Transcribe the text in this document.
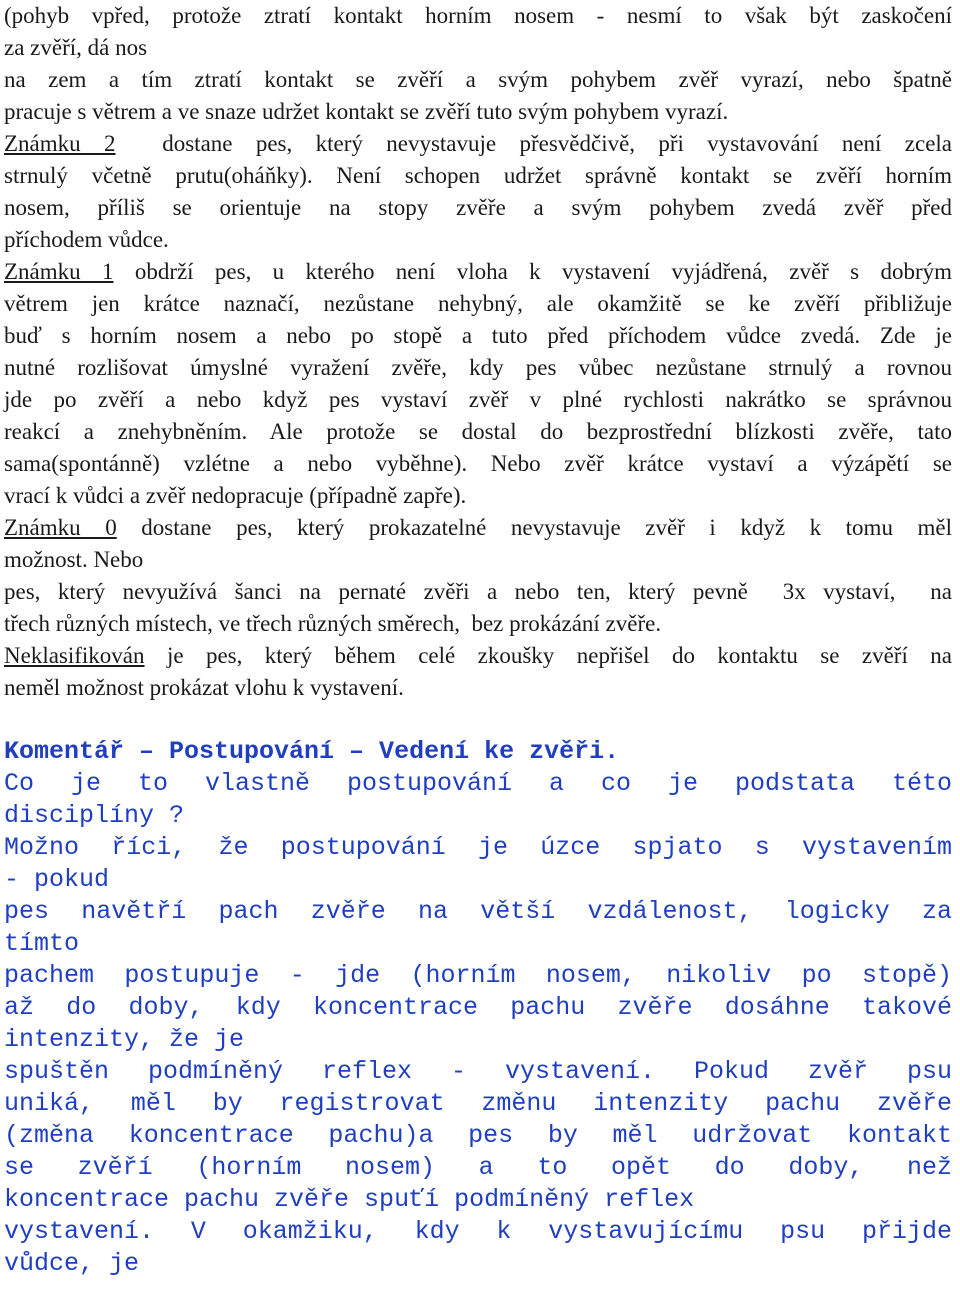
(pohyb vpřed, protože ztratí kontakt horním nosem - nesmí to však být zaskočení
za zvěří, dá nos
na zem a tím ztratí kontakt se zvěří a svým pohybem zvěř vyrazí, nebo špatně
pracuje s větrem a ve snaze udržet kontakt se zvěří tuto svým pohybem vyrazí.
Známku 2  dostane pes, který nevystavuje přesvědčivě, při vystavování není zcela
strnulý včetně prutu(oháňky). Není schopen udržet správně kontakt se zvěří horním
nosem, příliš se orientuje na stopy zvěře a svým pohybem zvedá zvěř před
příchodem vůdce.
Známku 1 obdrží pes, u kterého není vloha k vystavení vyjádřená, zvěř s dobrým
větrem jen krátce naznačí, nezůstane nehybný, ale okamžitě se ke zvěří přibližuje
buď s horním nosem a nebo po stopě a tuto před příchodem vůdce zvedá. Zde je
nutné rozlišovat úmyslné vyražení zvěře, kdy pes vůbec nezůstane strnulý a rovnou
jde po zvěří a nebo když pes vystaví zvěř v plné rychlosti nakrátko se správnou
reakcí a znehybněním. Ale protože se dostal do bezprostřední blízkosti zvěře, tato
sama(spontánně) vzlétne a nebo vyběhne). Nebo zvěř krátce vystaví a výzápětí se
vrací k vůdci a zvěř nedopracuje (případně zapře).
Známku 0 dostane pes, který prokazatelné nevystavuje zvěř i když k tomu měl
možnost. Nebo
pes, který nevyužívá šanci na pernaté zvěři a nebo ten, který pevně  3x vystaví,  na
třech různých místech, ve třech různých směrech,  bez prokázání zvěře.
Neklasifikován je pes, který během celé zkoušky nepřišel do kontaktu se zvěří na
neměl možnost prokázat vlohu k vystavení.
Komentář – Postupování – Vedení ke zvěři.
Co je to vlastně postupování a co je podstata této
disciplíny ?
Možno říci, že postupování je úzce spjato s vystavením
- pokud
pes navětří pach zvěře na větší vzdálenost, logicky za
tímto
pachem postupuje - jde (horním nosem, nikoliv po stopě)
až do doby, kdy koncentrace pachu zvěře dosáhne takové
intenzity, že je
spuštěn podmíněný reflex - vystavení. Pokud zvěř psu
uniká, měl by registrovat změnu intenzity pachu zvěře
(změna koncentrace pachu)a pes by měl udržovat kontakt
se zvěří (horním nosem) a to opět do doby, než
koncentrace pachu zvěře spuťí podmíněný reflex
vystavení. V okamžiku, kdy k vystavujícímu psu přijde
vůdce, je
